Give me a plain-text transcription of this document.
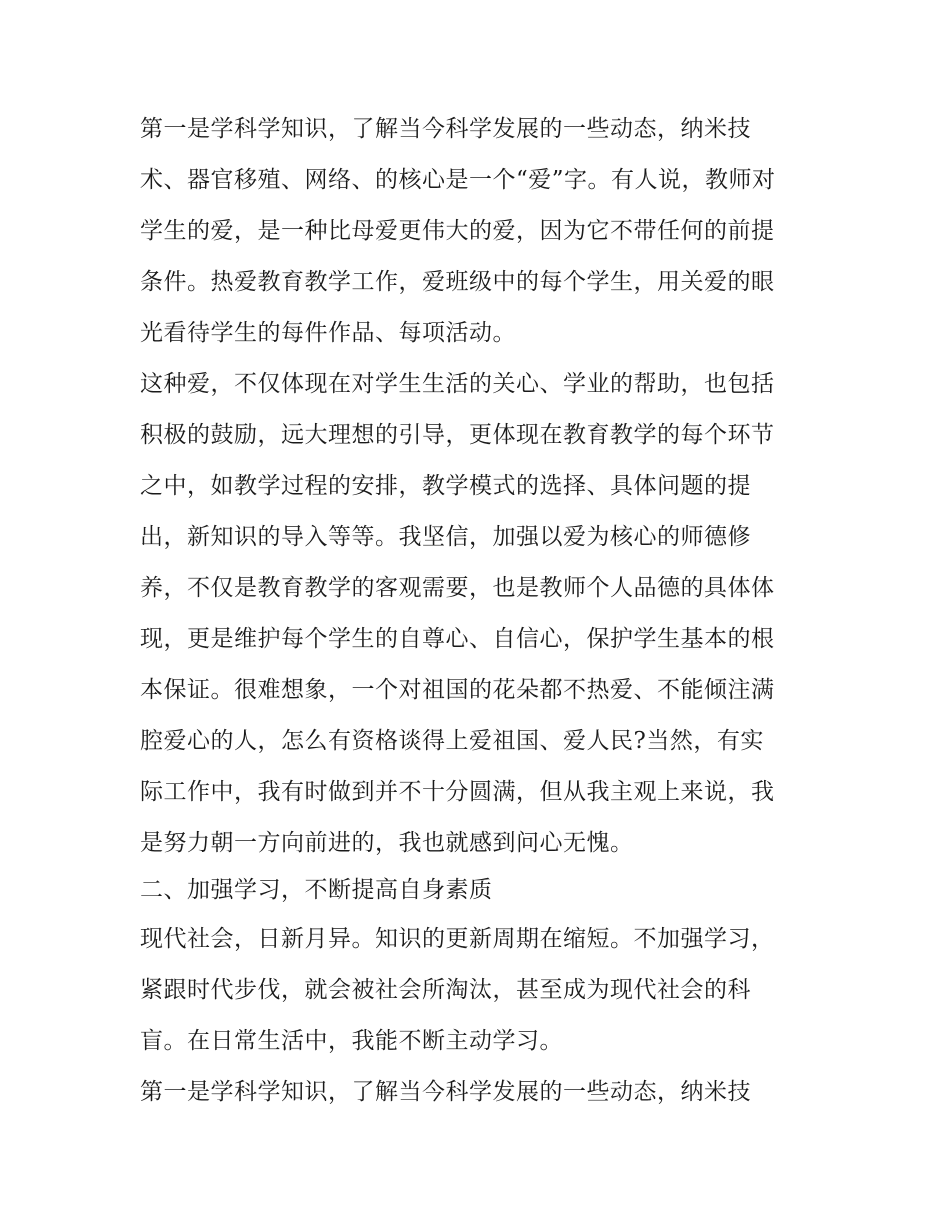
第一是学科学知识，了解当今科学发展的一些动态，纳米技

术、器官移殖、网络、的核心是一个“爱”字。有人说，教师对

学生的爱，是一种比母爱更伟大的爱，因为它不带任何的前提

条件。热爱教育教学工作，爱班级中的每个学生，用关爱的眼

光看待学生的每件作品、每项活动。

这种爱，不仅体现在对学生生活的关心、学业的帮助，也包括

积极的鼓励，远大理想的引导，更体现在教育教学的每个环节

之中，如教学过程的安排，教学模式的选择、具体问题的提

出，新知识的导入等等。我坚信，加强以爱为核心的师德修

养，不仅是教育教学的客观需要，也是教师个人品德的具体体

现，更是维护每个学生的自尊心、自信心，保护学生基本的根

本保证。很难想象，一个对祖国的花朵都不热爱、不能倾注满

腔爱心的人，怎么有资格谈得上爱祖国、爱人民?当然，有实

际工作中，我有时做到并不十分圆满，但从我主观上来说，我

是努力朝一方向前进的，我也就感到问心无愧。

二、加强学习，不断提高自身素质

现代社会，日新月异。知识的更新周期在缩短。不加强学习，

紧跟时代步伐，就会被社会所淘汰，甚至成为现代社会的科

盲。在日常生活中，我能不断主动学习。

第一是学科学知识，了解当今科学发展的一些动态，纳米技
